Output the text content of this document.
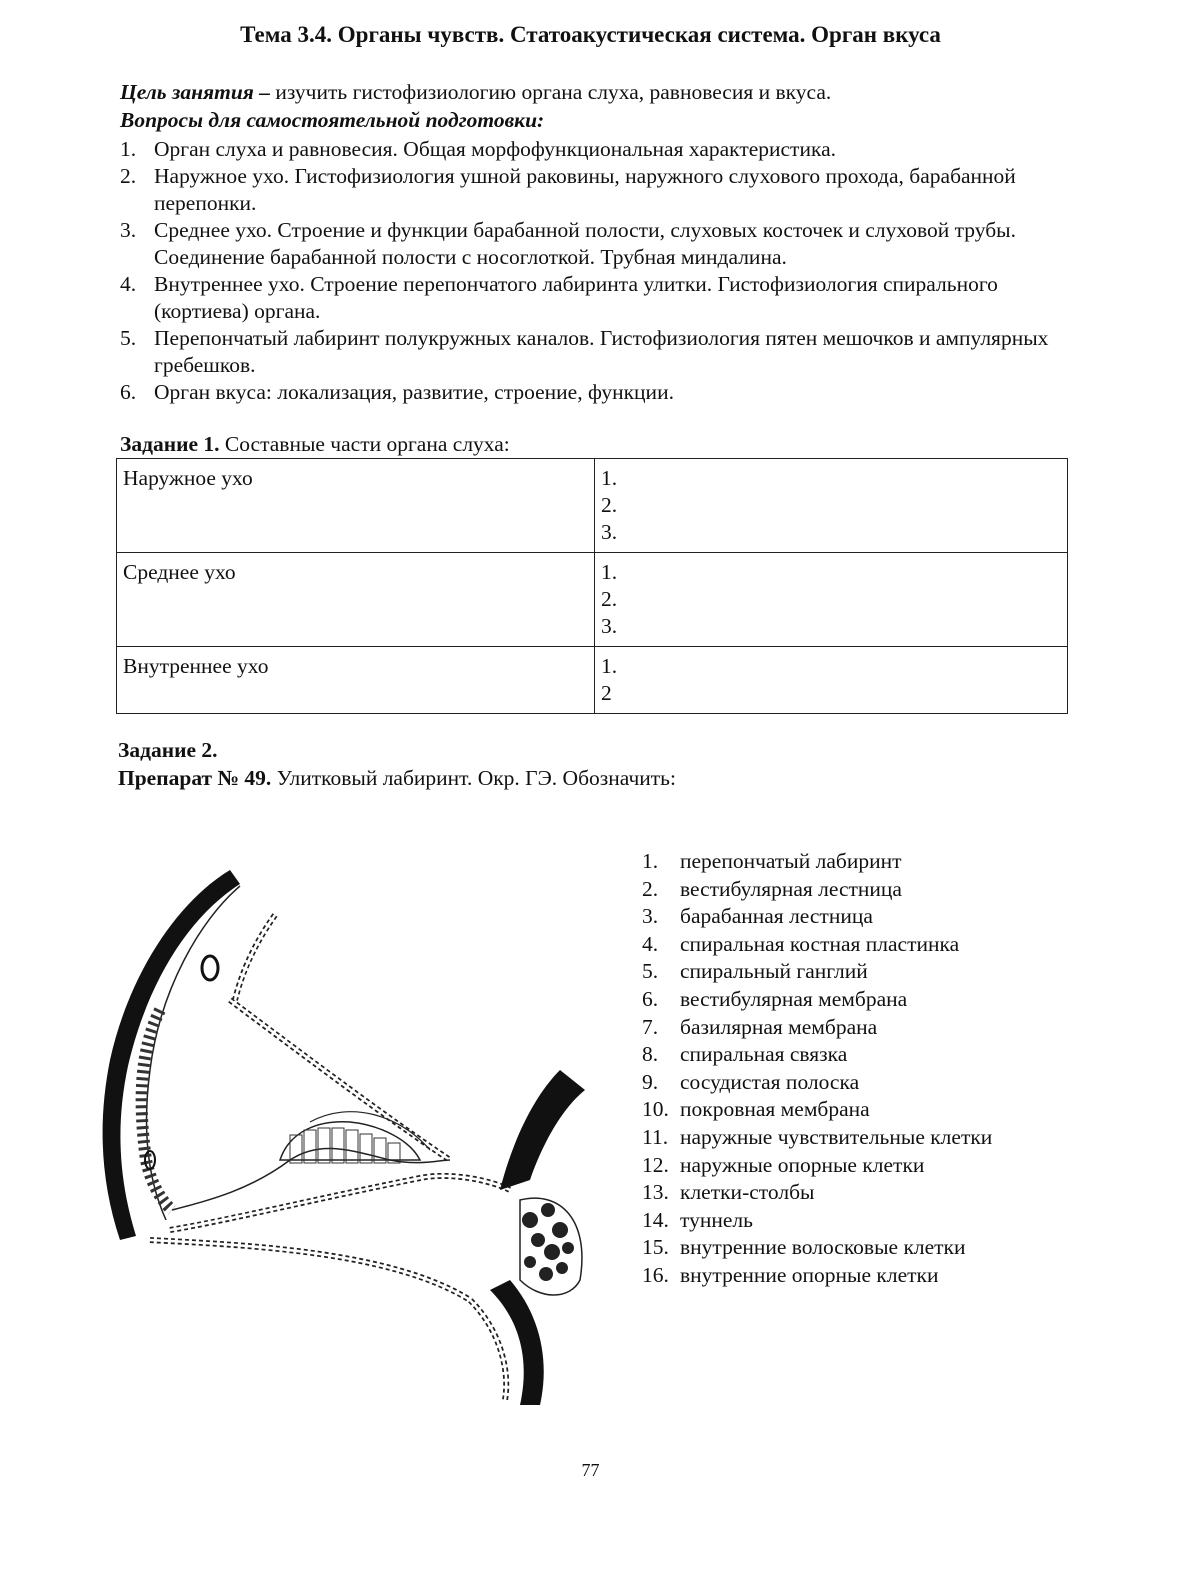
Тема 3.4. Органы чувств. Статоакустическая система. Орган вкуса
Цель занятия – изучить гистофизиологию органа слуха, равновесия и вкуса.
Вопросы для самостоятельной подготовки:
1. Орган слуха и равновесия. Общая морфофункциональная характеристика.
2. Наружное ухо. Гистофизиология ушной раковины, наружного слухового прохода, барабанной перепонки.
3. Среднее ухо. Строение и функции барабанной полости, слуховых косточек и слуховой трубы. Соединение барабанной полости с носоглоткой. Трубная миндалина.
4. Внутреннее ухо. Строение перепончатого лабиринта улитки. Гистофизиология спирального (кортиева) органа.
5. Перепончатый лабиринт полукружных каналов. Гистофизиология пятен мешочков и ампулярных гребешков.
6. Орган вкуса: локализация, развитие, строение, функции.
Задание 1. Составные части органа слуха:
Наружное ухо	1.
2.
3.

Среднее ухо	1.
2.
3.

Внутреннее ухо	1.
2
Задание 2.
Препарат № 49. Улитковый лабиринт. Окр. ГЭ. Обозначить:
1.	перепончатый лабиринт
2.	вестибулярная лестница
3.	барабанная лестница
4.	спиральная костная пластинка
5.	спиральный ганглий
6.	вестибулярная мембрана
7.	базилярная мембрана
8.	спиральная связка
9.	сосудистая полоска
10. покровная мембрана
11. наружные чувствительные клетки
12. наружные опорные клетки
13. клетки-столбы
14. туннель
15. внутренние волосковые клетки
16. внутренние опорные клетки
77
